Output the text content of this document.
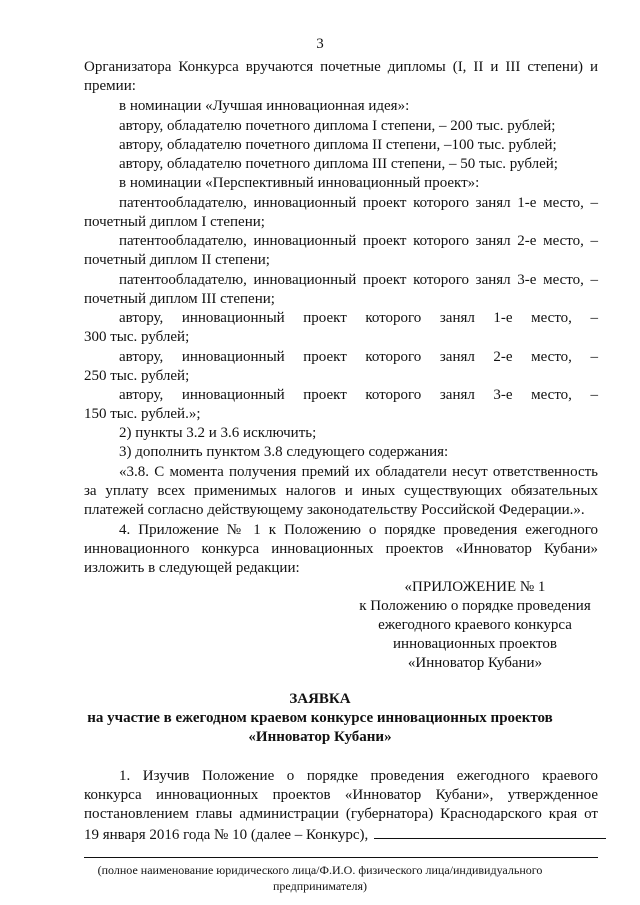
3
Организатора Конкурса вручаются почетные дипломы (I, II и III степени) и
премии:
в номинации «Лучшая инновационная идея»:
автору, обладателю почетного диплома I степени, – 200 тыс. рублей;
автору, обладателю почетного диплома II степени, –100 тыс. рублей;
автору, обладателю почетного диплома III степени, – 50 тыс. рублей;
в номинации «Перспективный инновационный проект»:
патентообладателю, инновационный проект которого занял 1-е место, –
почетный диплом I степени;
патентообладателю, инновационный проект которого занял 2-е место, –
почетный диплом II степени;
патентообладателю, инновационный проект которого занял 3-е место, –
почетный диплом III степени;
автору, инновационный проект которого занял 1-е место, –
300 тыс. рублей;
автору, инновационный проект которого занял 2-е место, –
250 тыс. рублей;
автору, инновационный проект которого занял 3-е место, –
150 тыс. рублей.»;
2) пункты 3.2 и 3.6 исключить;
3) дополнить пунктом 3.8 следующего содержания:
«3.8. С момента получения премий их обладатели несут ответственность
за уплату всех применимых налогов и иных существующих обязательных
платежей согласно действующему законодательству Российской Федерации.».
4. Приложение № 1 к Положению о порядке проведения ежегодного
инновационного конкурса инновационных проектов «Инноватор Кубани»
изложить в следующей редакции:
«ПРИЛОЖЕНИЕ № 1
к Положению о порядке проведения
ежегодного краевого конкурса
инновационных проектов
«Инноватор Кубани»
ЗАЯВКА
на участие в ежегодном краевом конкурсе инновационных проектов
«Инноватор Кубани»
1. Изучив Положение о порядке проведения ежегодного краевого
конкурса инновационных проектов «Инноватор Кубани», утвержденное
постановлением главы администрации (губернатора) Краснодарского края от
19 января 2016 года № 10 (далее – Конкурс),
(полное наименование юридического лица/Ф.И.О. физического лица/индивидуального
предпринимателя)
